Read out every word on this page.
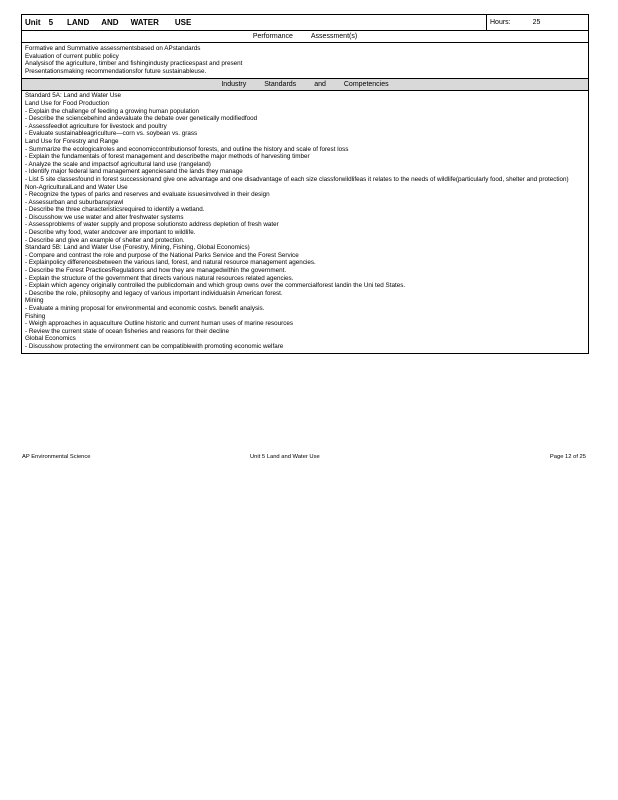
Unit 5 LAND AND WATER USE	Hours:	25
Performance	Assessment(s)
Formative and Summative assessmentsbased on APstandards
Evaluation of current public policy
Analysisof the agriculture, timber and fishingindusty practicespast and present
Presentationsmaking recommendationsfor future sustainableuse.
Industry	Standards	and	Competencies
Standard 5A: Land and Water Use
Land Use for Food Production
- Explain the challenge of feeding a growing human population
- Describe the sciencebehind andevaluate the debate over genetically modifiedfood
- Assessfeedlot agriculture for livestock and poultry
- Evaluate sustainableagriculture—corn vs. soybean vs. grass
Land Use for Forestry and Range
- Summarize the ecologicalroles and economiccontributionsof forests, and outline the history and scale of forest loss
- Explain the fundamentals of forest management and describethe major methods of harvesting timber
- Analyze the scale and impactsof agricultural land use (rangeland)
- Identify major federal land management agenciesand the lands they manage
- List 5 site classesfound in forest successionand give one advantage and one disadvantage of each size classforwildlifeas it relates to the needs of wildlife(particularly food, shelter and protection)
Non-AgriculturalLand and Water Use
- Recognize the types of parks and reserves and evaluate issuesinvolved in their design
- Assessurban and suburbansprawl
- Describe the three characteristicsrequired to identify a wetland.
- Discusshow we use water and alter freshwater systems
- Assessproblems of water supply and propose solutionsto address depletion of fresh water
- Describe why food, water andcover are important to wildlife.
- Describe and give an example of shelter and protection.
Standard 5B: Land and Water Use (Forestry, Mining, Fishing, Global Economics)
- Compare and contrast the role and purpose of the National Parks Service and the Forest Service
- Explainpolicy differencesbetween the various land, forest, and natural resource management agencies.
- Describe the Forest PracticesRegulations and how they are managedwithin the government.
- Explain the structure of the government that directs various natural resources related agencies.
- Explain which agency originally controlled the publicdomain and which group owns over the commercialforest landin the Uni ted States.
- Describe the role, philosophy and legacy of various important individualsin American forest.
Mining
- Evaluate a mining proposal for environmental and economic costvs. benefit analysis.
Fishing
- Weigh approaches in aquaculture Outline historic and current human uses of marine resources
- Review the current state of ocean fisheries and reasons for their decline
Global Economics
- Discusshow protecting the environment can be compatiblewith promoting economic welfare
AP Environmental Science	Unit 5 Land and Water Use	Page 12 of 25
